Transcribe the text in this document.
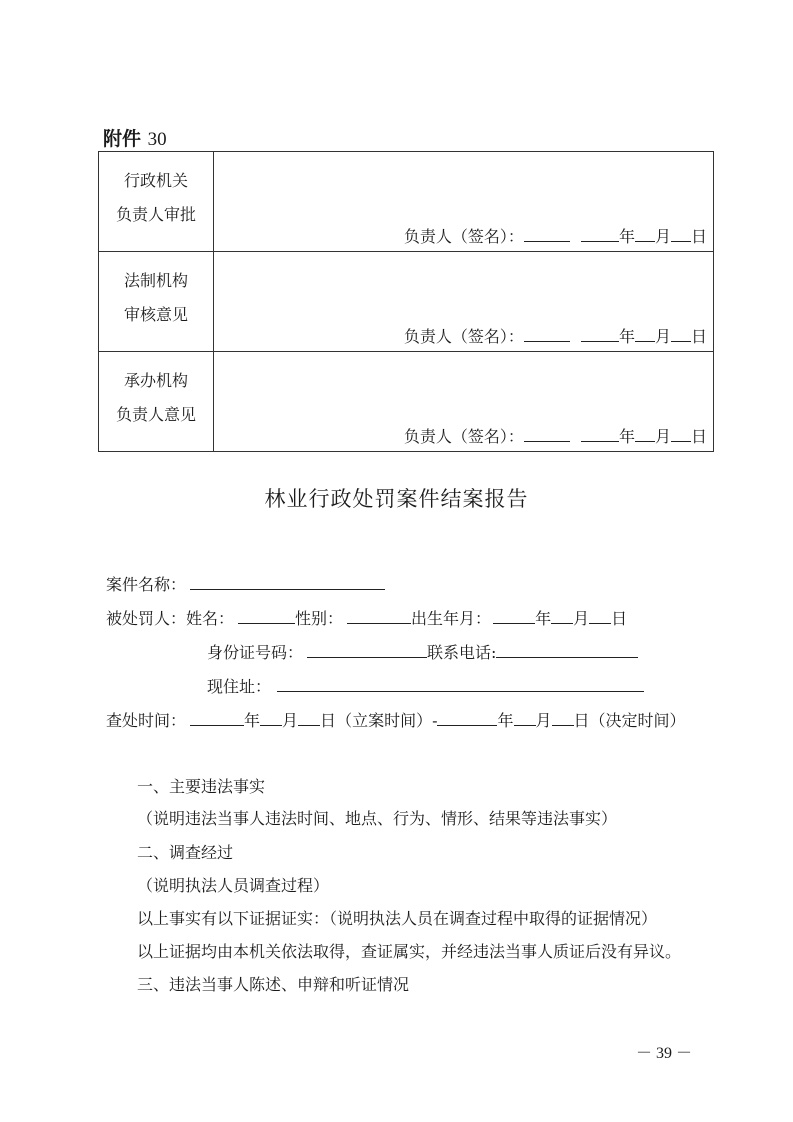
附件 30
行政机关
负责人审批	负责人（签名）： 年 月 日

法制机构
审核意见	负责人（签名）： 年 月 日

承办机构
负责人意见	负责人（签名）： 年 月 日
林业行政处罚案件结案报告
案件名称：
被处罚人：姓名：	性别：	出生年月：	年 月 日
身份证号码：	联系电话:
现住址：
查处时间：	年 月 日（立案时间）-	年 月 日（决定时间）
一、主要违法事实
（说明违法当事人违法时间、地点、行为、情形、结果等违法事实）
二、调查经过
（说明执法人员调查过程）
以上事实有以下证据证实：（说明执法人员在调查过程中取得的证据情况）
以上证据均由本机关依法取得，查证属实，并经违法当事人质证后没有异议。
三、违法当事人陈述、申辩和听证情况
－ 39 －
